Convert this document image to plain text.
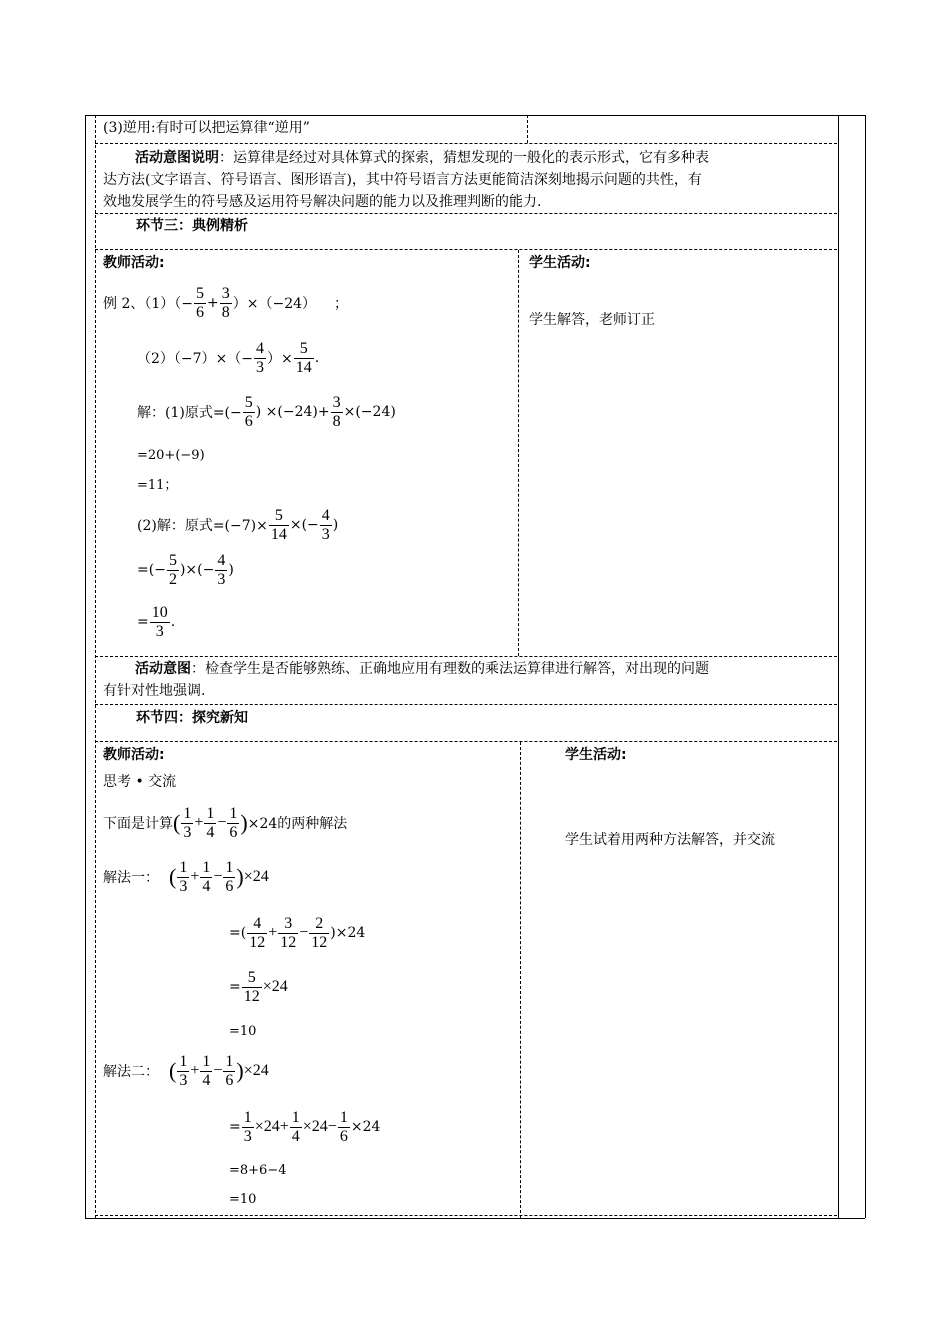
(3)逆用:有时可以把运算律“逆用”
活动意图说明：运算律是经过对具体算式的探索，猜想发现的一般化的表示形式，它有多种表
达方法(文字语言、符号语言、图形语言)，其中符号语言方法更能简洁深刻地揭示问题的共性，有
效地发展学生的符号感及运用符号解决问题的能力以及推理判断的能力.
环节三：典例精析
教师活动:
例 2、$(1)(- \frac{5}{6} + \frac{3}{8} )\times(-24)$ ；
$(2)(-7)\times(- \frac{4}{3}$ ）× $\frac{5}{14}$ .
解：(1)原式=(− $\frac{5}{6}$ ) $\times(-24)+ \frac{3}{8} \times(-24)$
=20+(−9)
=11；
(2)解：原式$=(-7)\times \frac{5}{14}$ ×(− $\frac{4}{3}$ )
=(− $\frac{5}{2}$ )×(− $\frac{4}{3}$ )
= $\frac{10}{3}$ .
学生活动:
学生解答，老师订正
活动意图：检查学生是否能够熟练、正确地应用有理数的乘法运算律进行解答，对出现的问题
有针对性地强调.
环节四：探究新知
教师活动:
思考 • 交流
下面是计算 ( $\frac{1}{3} + \frac{1}{4} - \frac{1}{6}$ ) ×24的两种解法
解法一： ( $\frac{1}{3} + \frac{1}{4} - \frac{1}{6}$ ) ×24
=( $\frac{4}{12} + \frac{3}{12} - \frac{2}{12}$ )× 24
= $\frac{5}{12} \times 24$
=10
解法二： ( $\frac{1}{3} + \frac{1}{4} - \frac{1}{6}$ ) ×24
= $\frac{1}{3} \times 24+ \frac{1}{4} \times 24- \frac{1}{6} \times 24$
=8+6−4
=10
学生活动:
学生试着用两种方法解答，并交流
